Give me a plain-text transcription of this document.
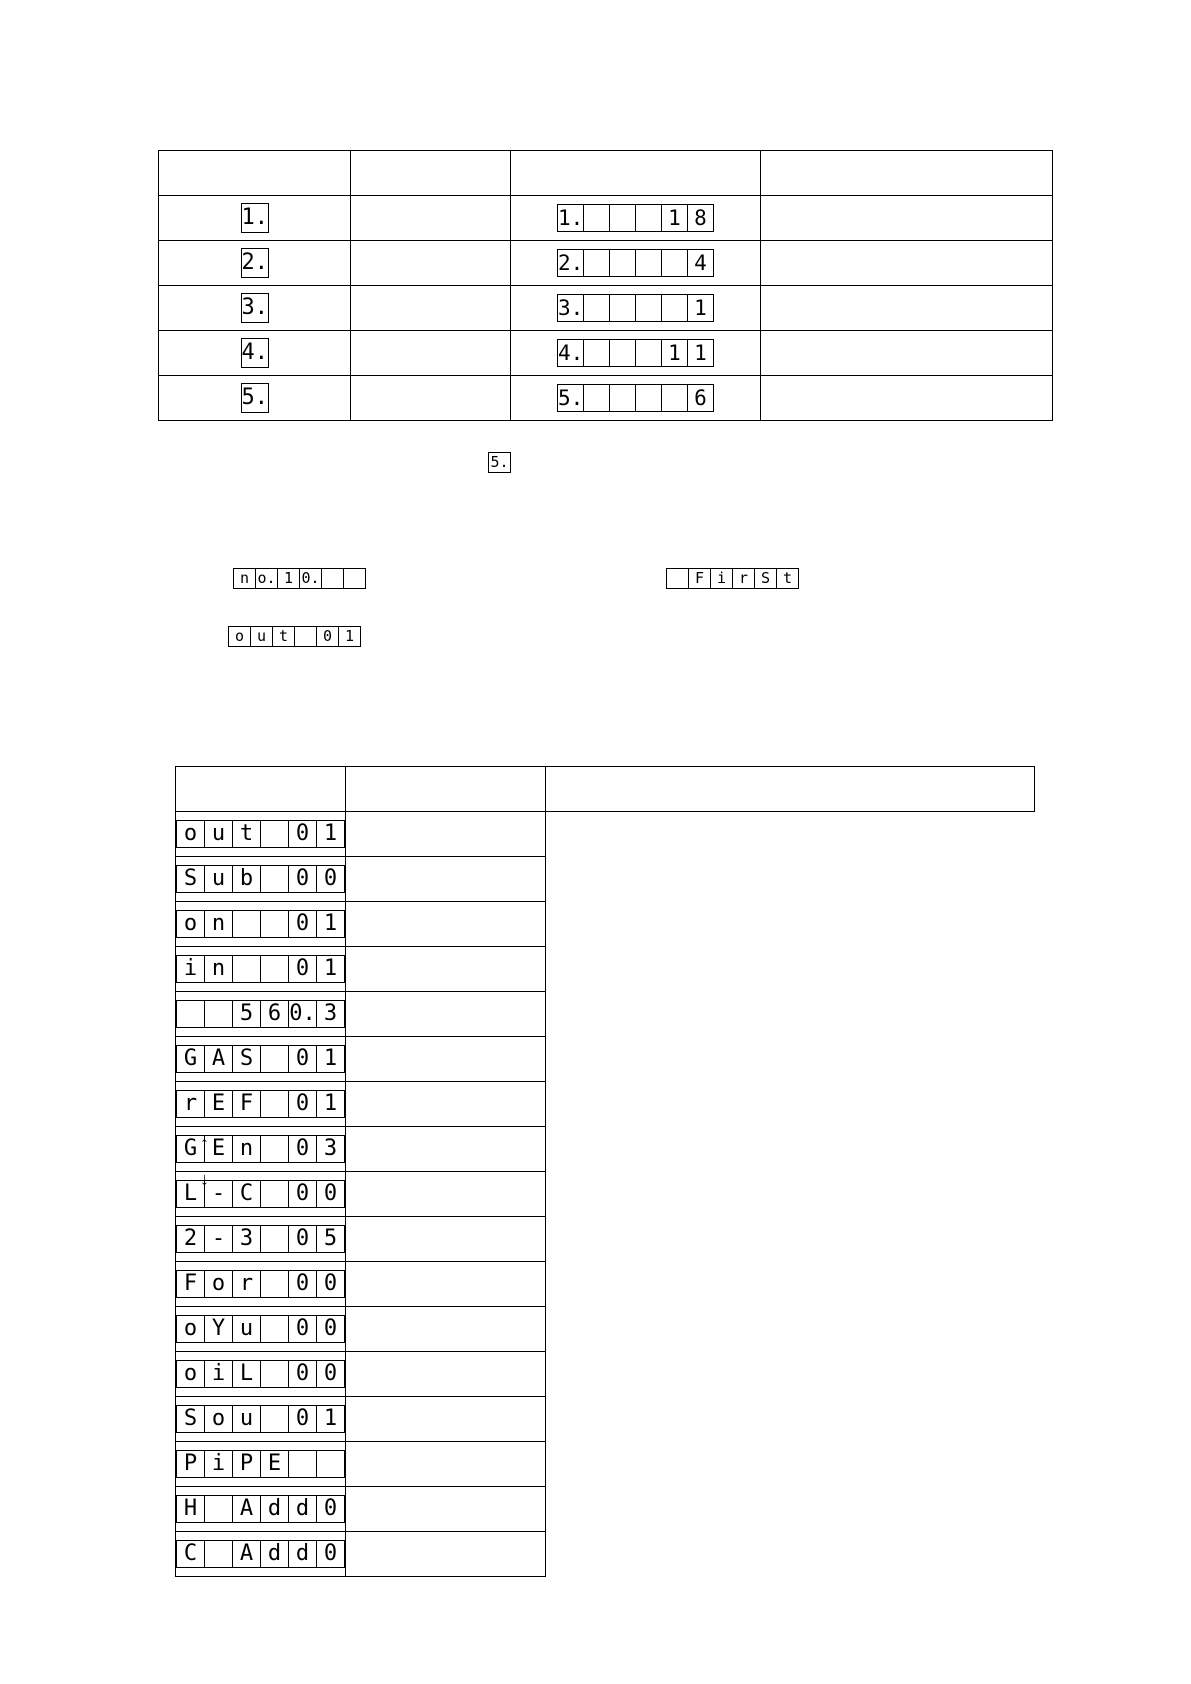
1.		1. 1 8	

2.		2. 4	

3.		3. 1	

4.		4. 1 1	

5.		5. 6	

5.
n o. 1 0.	F i r S t
o u t	0 1

o u t 0 1		

S u b 0 0		

o n 0 1		

i n 0 1		

5 6 0. 3		

G A S 0 1		

r E F 0 1		

G E n 0 3		

L - C 0 0		

2 - 3 0 5		

F o r 0 0		

o Y u 0 0		

o i L 0 0		

S o u 0 1		

P i P E		

H A d d 0		

C A d d 0		

↑
↓
